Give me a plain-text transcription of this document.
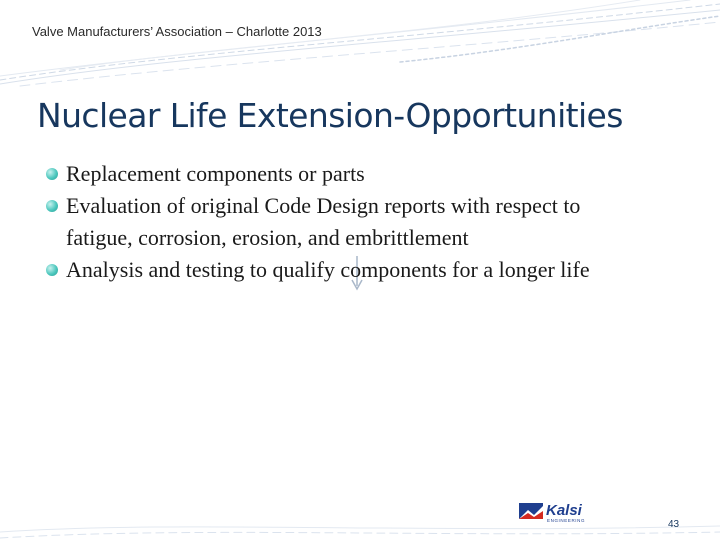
Valve Manufacturers’ Association – Charlotte 2013
Nuclear Life Extension-Opportunities
Replacement components or parts
Evaluation of original Code Design reports with respect to fatigue, corrosion, erosion, and embrittlement
Analysis and testing to qualify components for a longer life
Kalsi
ENGINEERING	43
